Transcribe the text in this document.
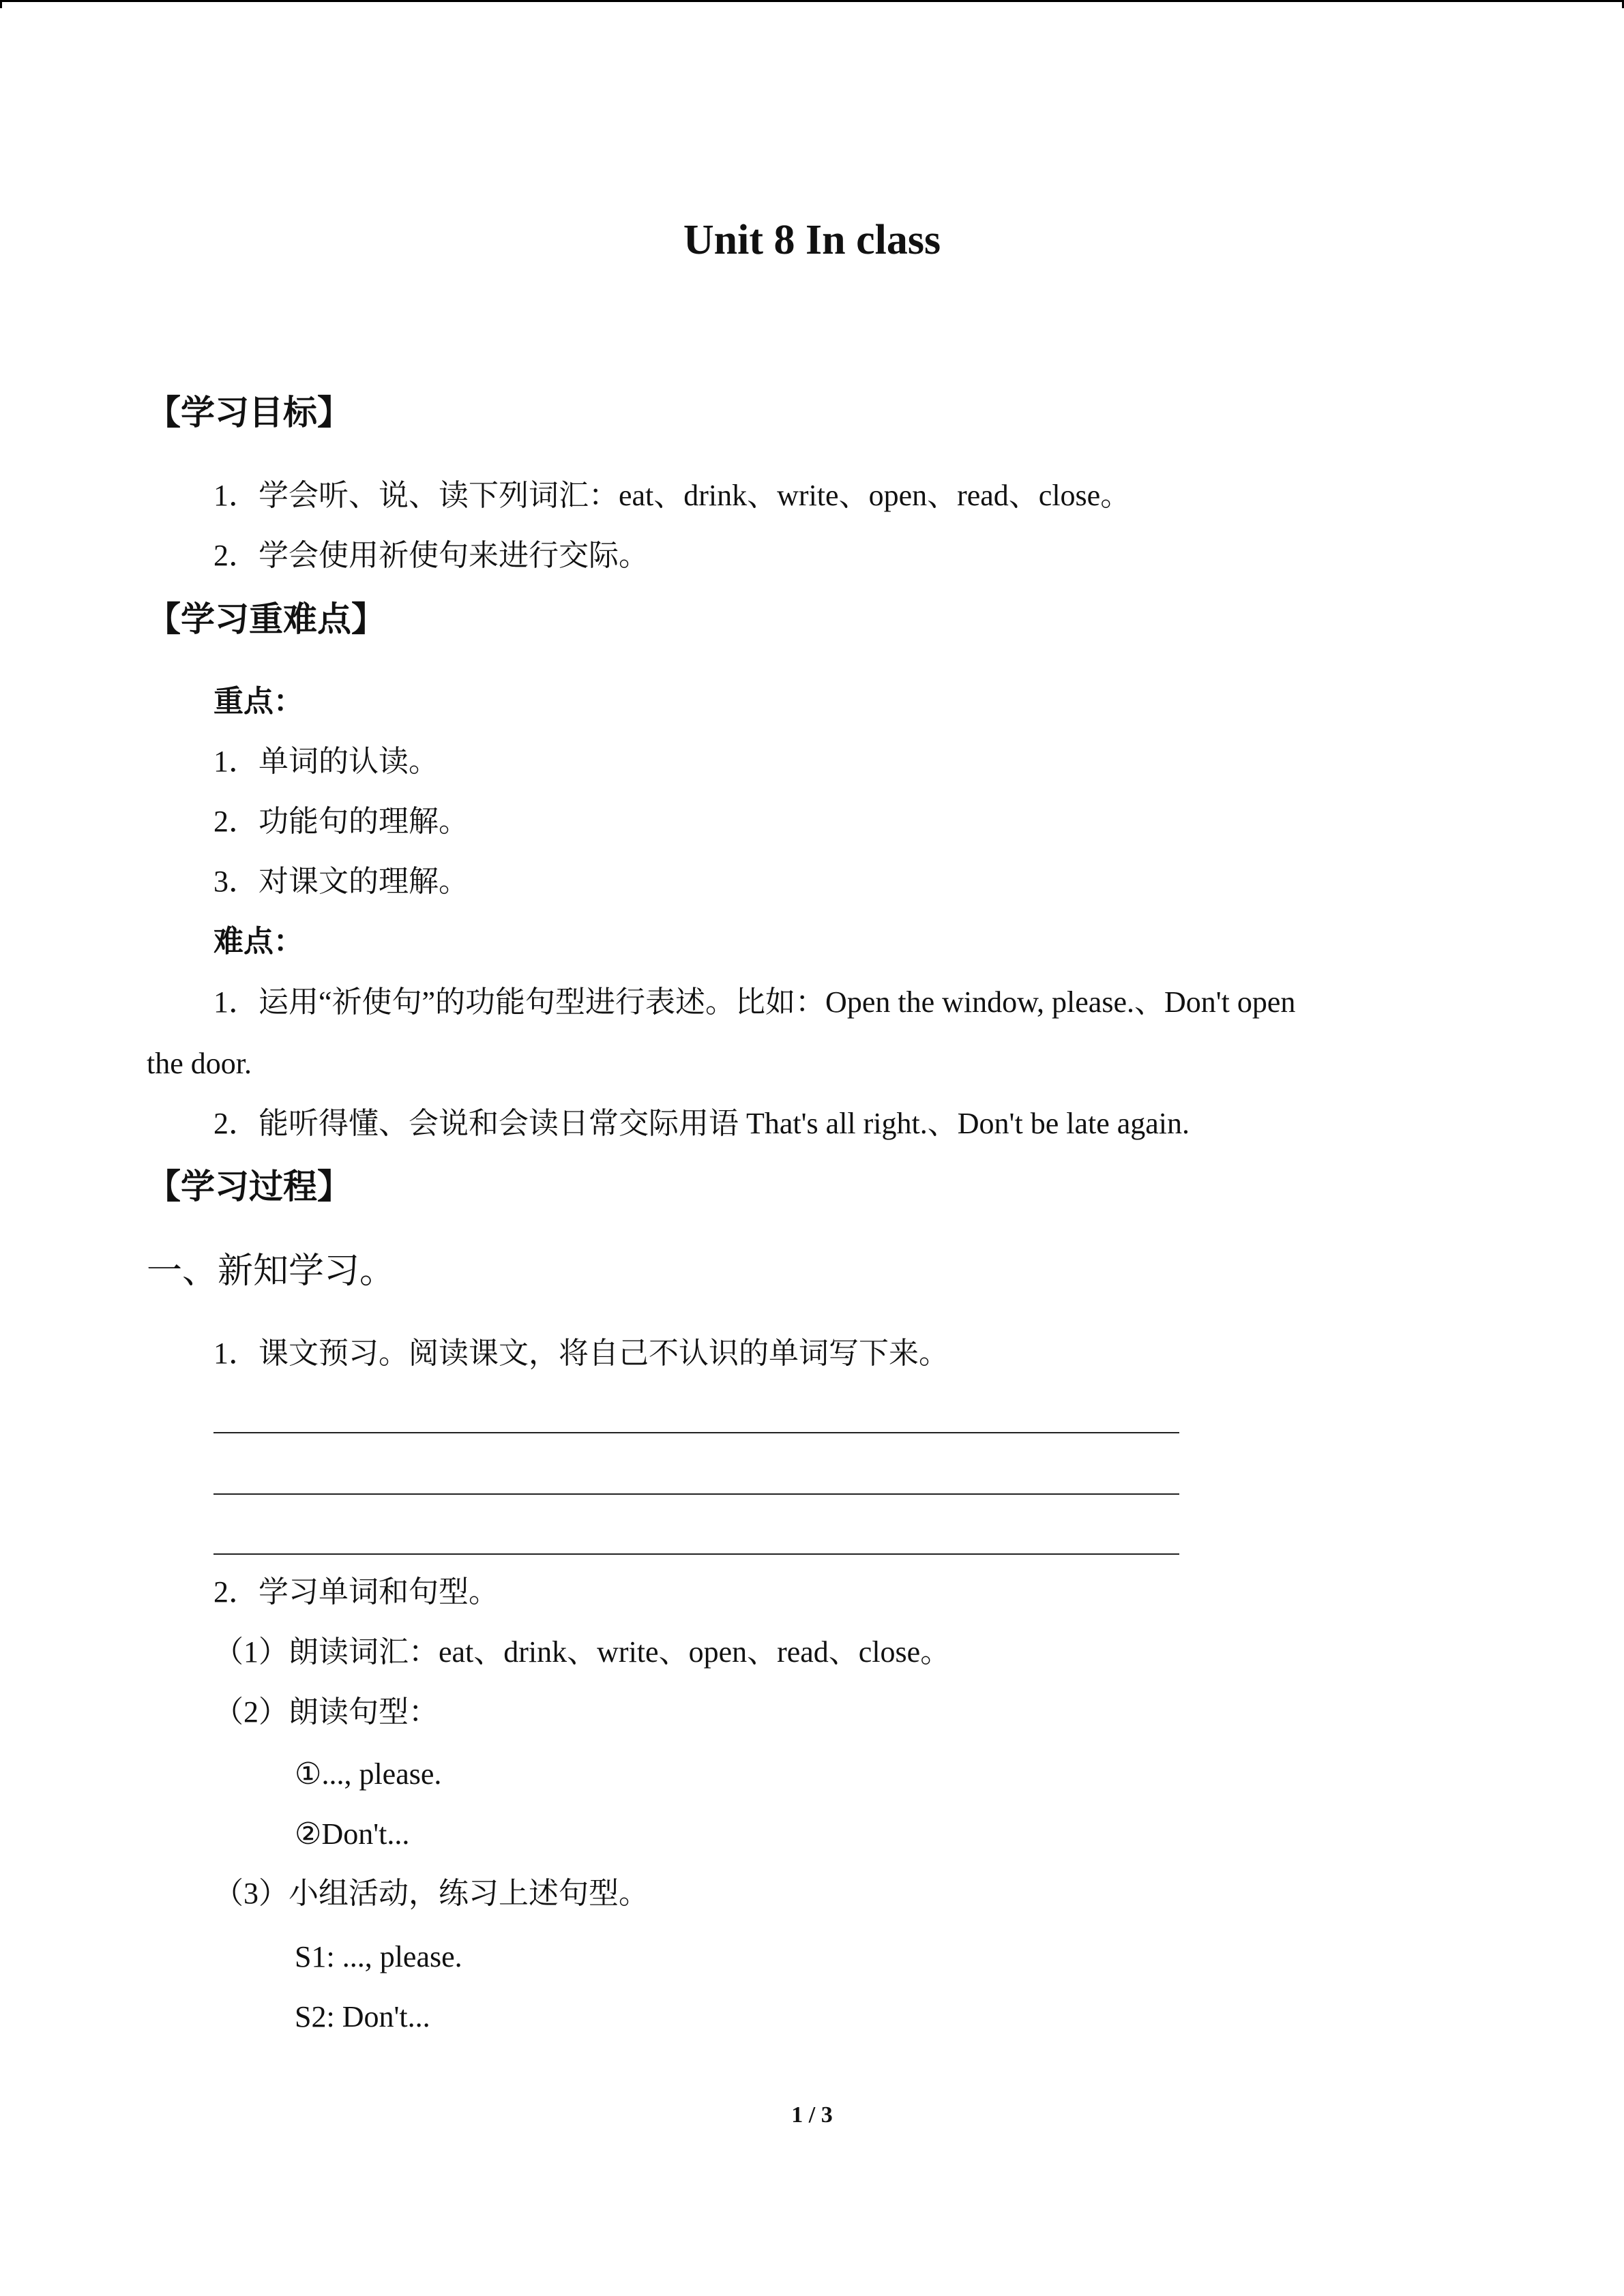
Unit 8 In class
【学习目标】
1．学会听、说、读下列词汇：eat、drink、write、open、read、close。
2．学会使用祈使句来进行交际。
【学习重难点】
重点：
1．单词的认读。
2．功能句的理解。
3．对课文的理解。
难点：
1．运用“祈使句”的功能句型进行表述。比如：Open the window, please.、Don't open
the door.
2．能听得懂、会说和会读日常交际用语 That's all right.、Don't be late again.
【学习过程】
一、新知学习。
1．课文预习。阅读课文，将自己不认识的单词写下来。
2．学习单词和句型。
（1）朗读词汇：eat、drink、write、open、read、close。
（2）朗读句型：
①..., please.
②Don't...
（3）小组活动，练习上述句型。
S1: ..., please.
S2: Don't...
1 / 3
